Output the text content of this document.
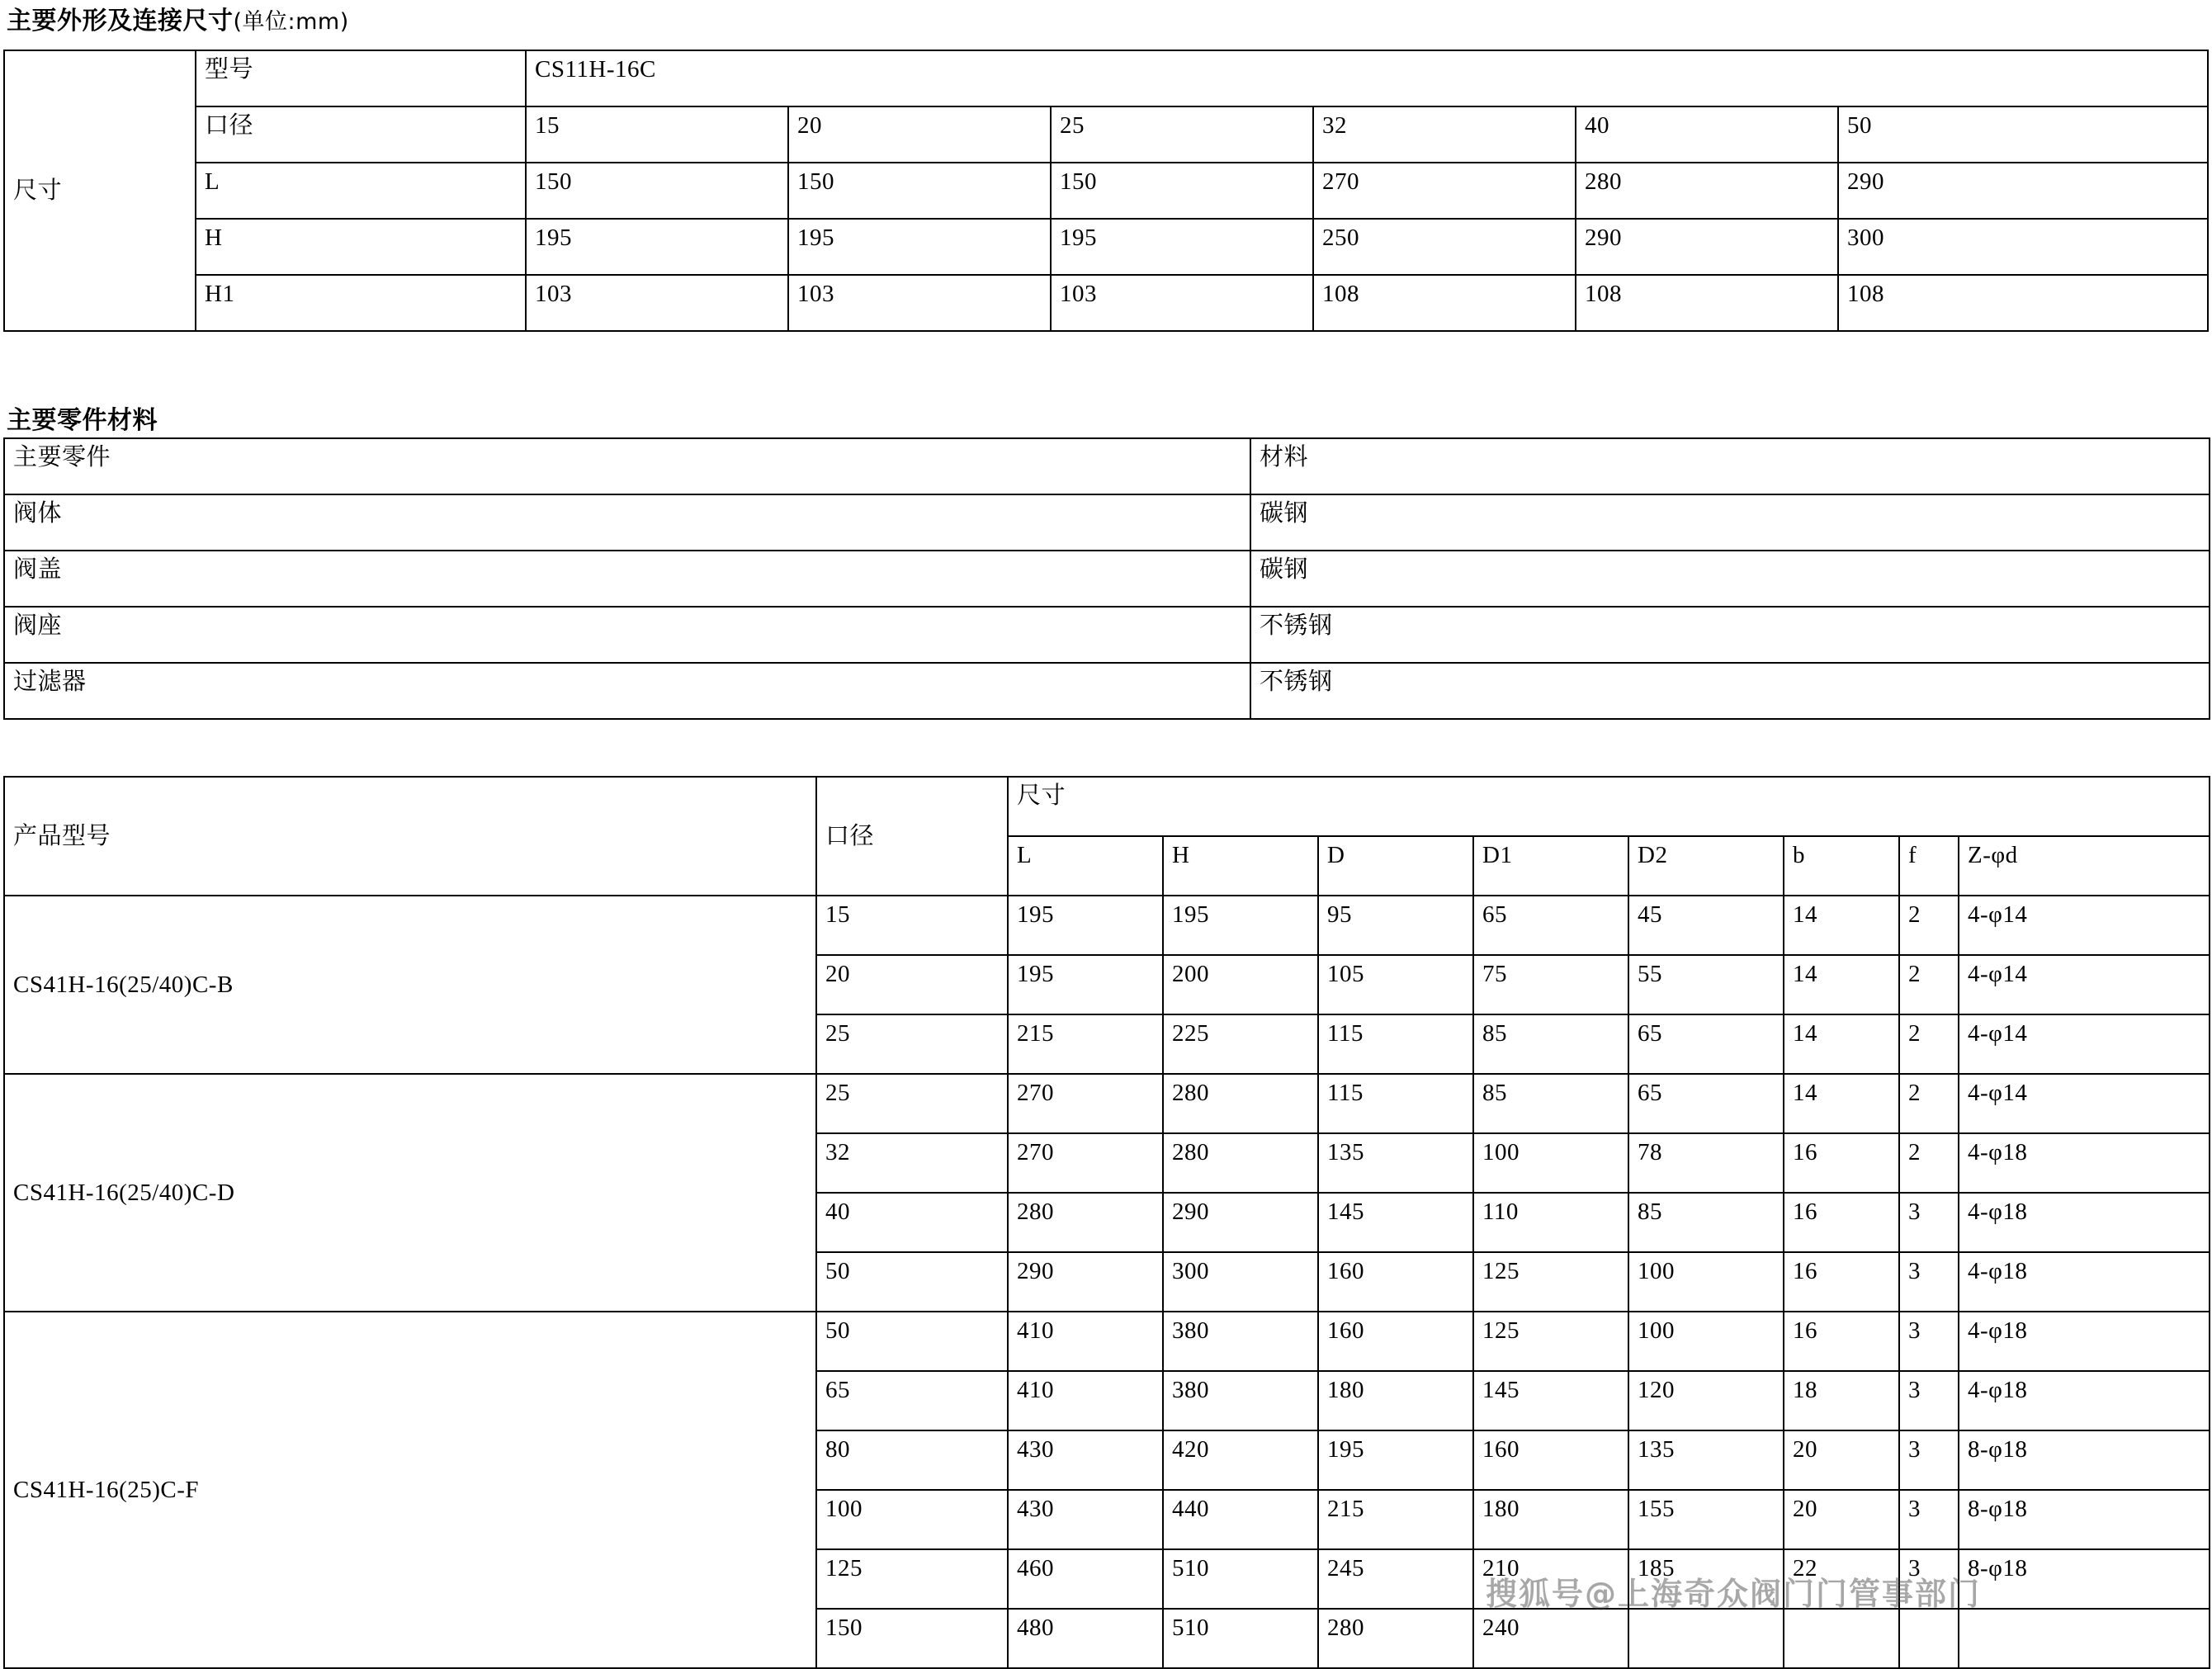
主要外形及连接尺寸(单位:mm)
尺寸	型号	CS11H-16C					
	口径	15	20	25	32	40	50
	L	150	150	150	270	280	290
	H	195	195	195	250	290	300
	H1	103	103	103	108	108	108
主要零件材料
主要零件	材料
阀体	碳钢
阀盖	碳钢
阀座	不锈钢
过滤器	不锈钢
产品型号	口径	尺寸							
		L	H	D	D1	D2	b	f	Z-φd
CS41H-16(25/40)C-B	15	195	195	95	65	45	14	2	4-φ14
	20	195	200	105	75	55	14	2	4-φ14
	25	215	225	115	85	65	14	2	4-φ14
CS41H-16(25/40)C-D	25	270	280	115	85	65	14	2	4-φ14
	32	270	280	135	100	78	16	2	4-φ18
	40	280	290	145	110	85	16	3	4-φ18
	50	290	300	160	125	100	16	3	4-φ18
CS41H-16(25)C-F	50	410	380	160	125	100	16	3	4-φ18
	65	410	380	180	145	120	18	3	4-φ18
	80	430	420	195	160	135	20	3	8-φ18
	100	430	440	215	180	155	20	3	8-φ18
	125	460	510	245	210	185	22	3	8-φ18
	150	480	510	280	240				
搜狐号@上海奇众阀门门管事部门
